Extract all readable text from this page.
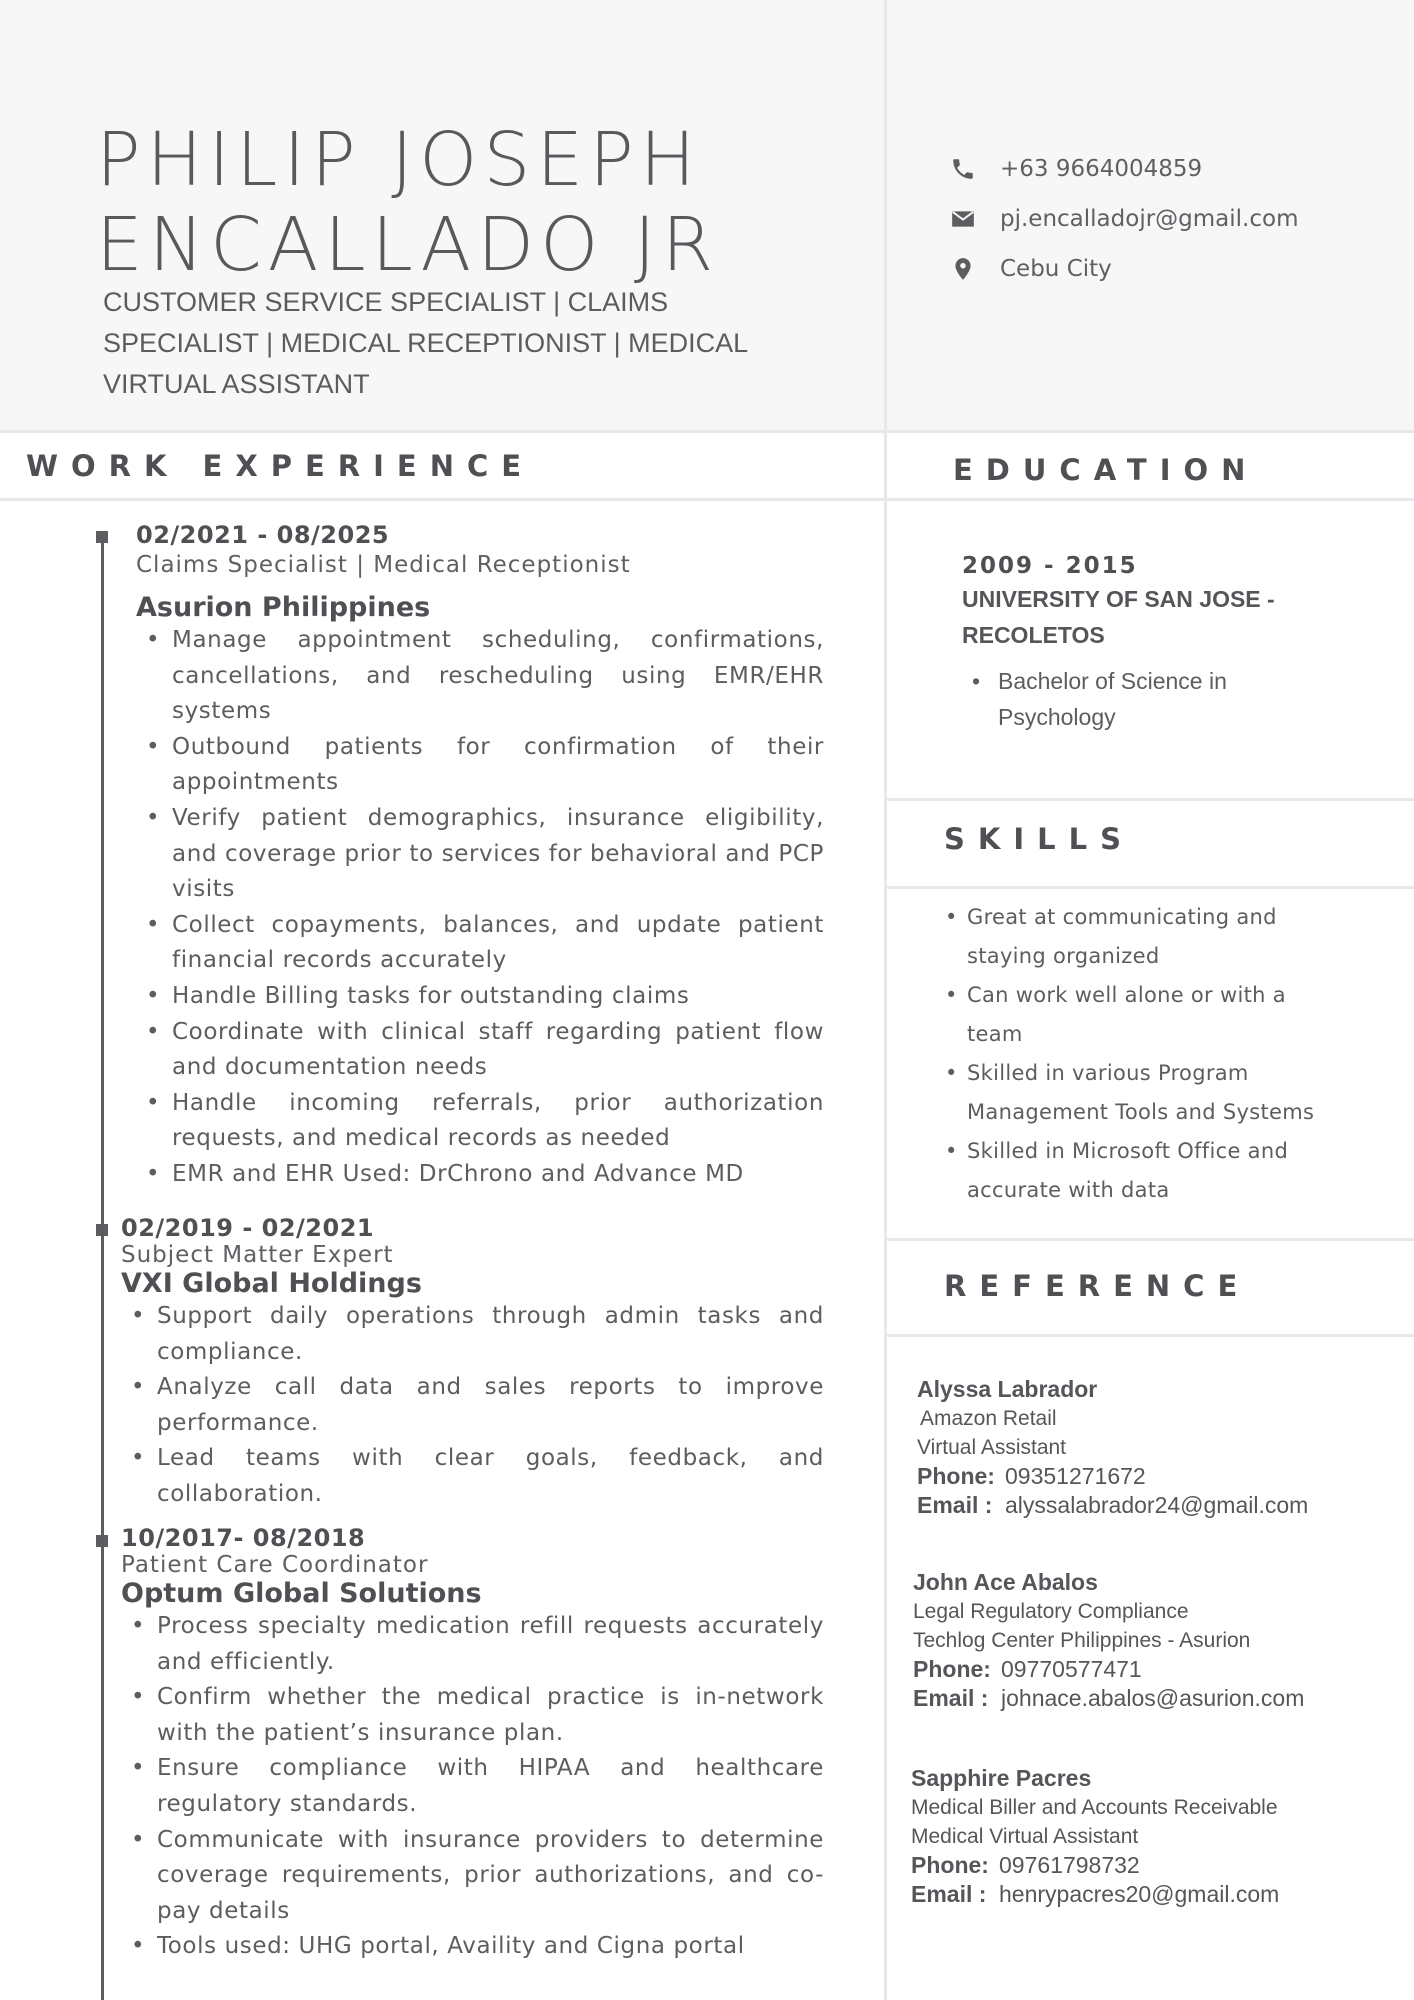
PHILIP JOSEPH
ENCALLADO JR
CUSTOMER SERVICE SPECIALIST | CLAIMS SPECIALIST | MEDICAL RECEPTIONIST | MEDICAL VIRTUAL ASSISTANT
+63 9664004859
pj.encalladojr@gmail.com
Cebu City
WORK EXPERIENCE
02/2021 - 08/2025
Claims Specialist | Medical Receptionist
Asurion Philippines
• Manage appointment scheduling, confirmations, cancellations, and rescheduling using EMR/EHR systems
• Outbound patients for confirmation of their appointments
• Verify patient demographics, insurance eligibility, and coverage prior to services for behavioral and PCP visits
• Collect copayments, balances, and update patient financial records accurately
• Handle Billing tasks for outstanding claims
• Coordinate with clinical staff regarding patient flow and documentation needs
• Handle incoming referrals, prior authorization requests, and medical records as needed
• EMR and EHR Used: DrChrono and Advance MD
02/2019 - 02/2021
Subject Matter Expert
VXI Global Holdings
• Support daily operations through admin tasks and compliance.
• Analyze call data and sales reports to improve performance.
• Lead teams with clear goals, feedback, and collaboration.
10/2017- 08/2018
Patient Care Coordinator
Optum Global Solutions
• Process specialty medication refill requests accurately and efficiently.
• Confirm whether the medical practice is in-network with the patient’s insurance plan.
• Ensure compliance with HIPAA and healthcare regulatory standards.
• Communicate with insurance providers to determine coverage requirements, prior authorizations, and co-pay details
• Tools used: UHG portal, Availity and Cigna portal
EDUCATION
2009 - 2015
UNIVERSITY OF SAN JOSE - RECOLETOS
• Bachelor of Science in Psychology
SKILLS
• Great at communicating and staying organized
• Can work well alone or with a team
• Skilled in various Program Management Tools and Systems
• Skilled in Microsoft Office and accurate with data
REFERENCE
Alyssa Labrador
Amazon Retail
Virtual Assistant
Phone: 09351271672
Email : alyssalabrador24@gmail.com
John Ace Abalos
Legal Regulatory Compliance
Techlog Center Philippines - Asurion
Phone: 09770577471
Email : johnace.abalos@asurion.com
Sapphire Pacres
Medical Biller and Accounts Receivable
Medical Virtual Assistant
Phone: 09761798732
Email : henrypacres20@gmail.com
